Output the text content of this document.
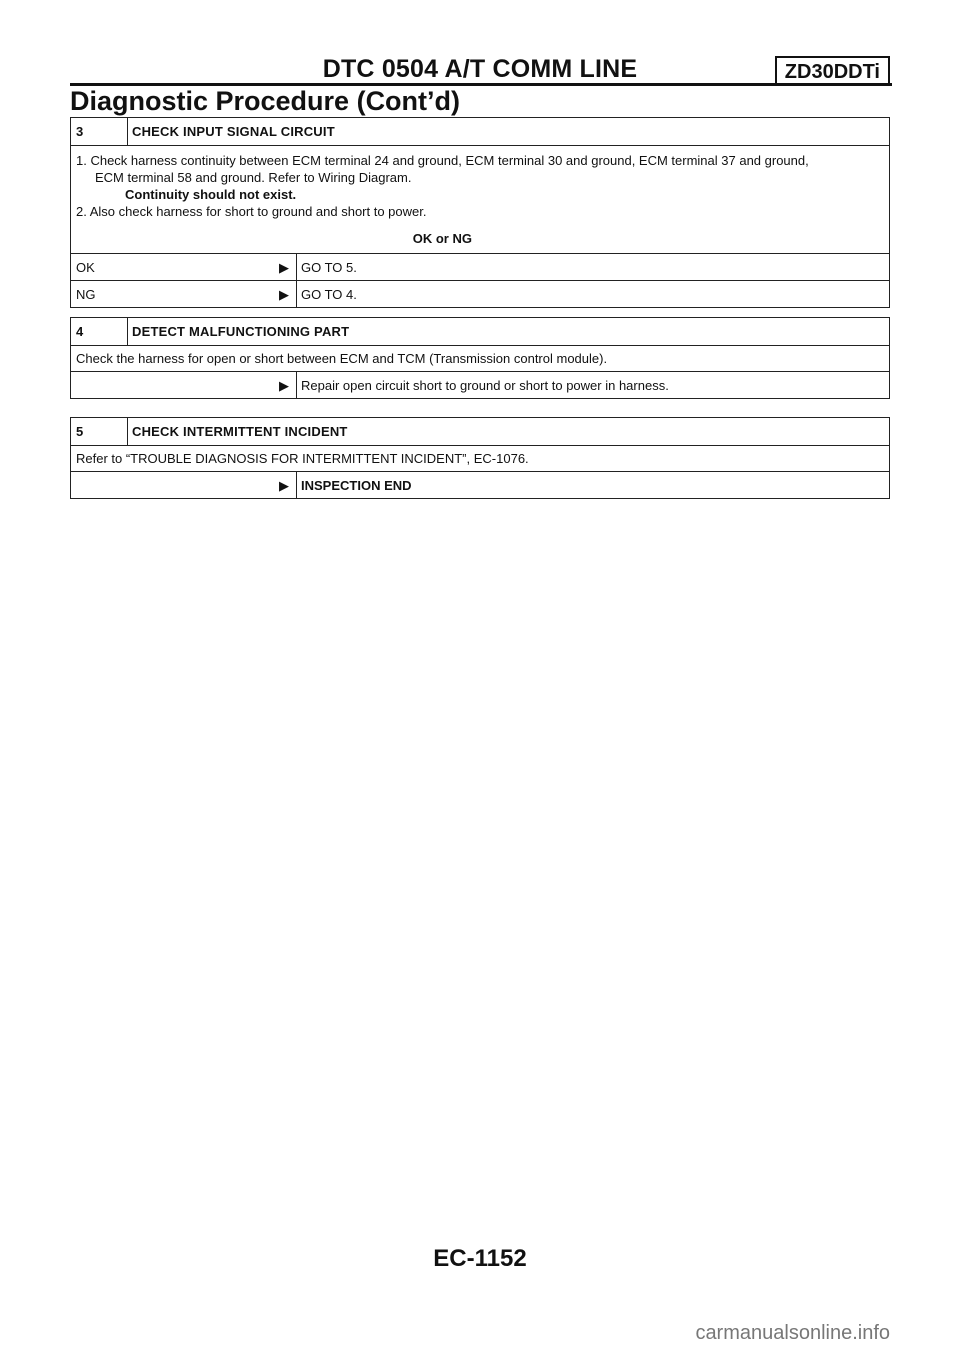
DTC 0504 A/T COMM LINE	ZD30DDTi
Diagnostic Procedure (Cont’d)
3	CHECK INPUT SIGNAL CIRCUIT
1. Check harness continuity between ECM terminal 24 and ground, ECM terminal 30 and ground, ECM terminal 37 and ground,
ECM terminal 58 and ground. Refer to Wiring Diagram.
Continuity should not exist.
2. Also check harness for short to ground and short to power.
OK or NG
OK	▶ GO TO 5.
NG	▶ GO TO 4.
4	DETECT MALFUNCTIONING PART
Check the harness for open or short between ECM and TCM (Transmission control module).
▶ Repair open circuit short to ground or short to power in harness.
5	CHECK INTERMITTENT INCIDENT
Refer to “TROUBLE DIAGNOSIS FOR INTERMITTENT INCIDENT”, EC-1076.
▶ INSPECTION END
EC-1152
carmanualsonline.info
